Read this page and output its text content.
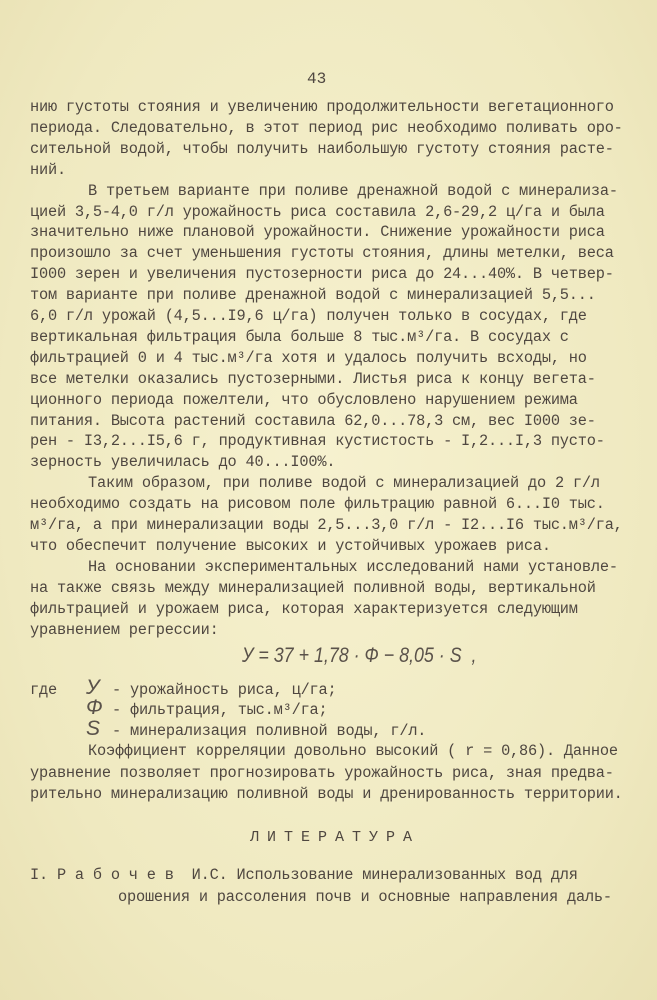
43
нию густоты стояния и увеличению продолжительности вегетационного
периода. Следовательно, в этот период рис необходимо поливать оро-
сительной водой, чтобы получить наибольшую густоту стояния расте-
ний.
В третьем варианте при поливе дренажной водой с минерализа-
цией 3,5-4,0 г/л урожайность риса составила 2,6-29,2 ц/га и была
значительно ниже плановой урожайности. Снижение урожайности риса
произошло за счет уменьшения густоты стояния, длины метелки, веса
I000 зерен и увеличения пустозерности риса до 24...40%. В четвер-
том варианте при поливе дренажной водой с минерализацией 5,5...
6,0 г/л урожай (4,5...I9,6 ц/га) получен только в сосудах, где
вертикальная фильтрация была больше 8 тыс.м³/га. В сосудах с
фильтрацией 0 и 4 тыс.м³/га хотя и удалось получить всходы, но
все метелки оказались пустозерными. Листья риса к концу вегета-
ционного периода пожелтели, что обусловлено нарушением режима
питания. Высота растений составила 62,0...78,3 см, вес I000 зе-
рен - I3,2...I5,6 г, продуктивная кустистость - I,2...I,3 пусто-
зерность увеличилась до 40...I00%.
Таким образом, при поливе водой с минерализацией до 2 г/л
необходимо создать на рисовом поле фильтрацию равной 6...I0 тыс.
м³/га, а при минерализации воды 2,5...3,0 г/л - I2...I6 тыс.м³/га,
что обеспечит получение высоких и устойчивых урожаев риса.
На основании экспериментальных исследований нами установле-
на также связь между минерализацией поливной воды, вертикальной
фильтрацией и урожаем риса, которая характеризуется следующим
уравнением регрессии:
У = 37 + 1,78 · Ф − 8,05 · S  ,
где У - урожайность риса, ц/га;
Ф - фильтрация, тыс.м³/га;
S - минерализация поливной воды, г/л.
Коэффициент корреляции довольно высокий ( r = 0,86). Данное
уравнение позволяет прогнозировать урожайность риса, зная предва-
рительно минерализацию поливной воды и дренированность территории.
ЛИТЕРАТУРА
I. Р а б о ч е в  И.С. Использование минерализованных вод для
орошения и рассоления почв и основные направления даль-
